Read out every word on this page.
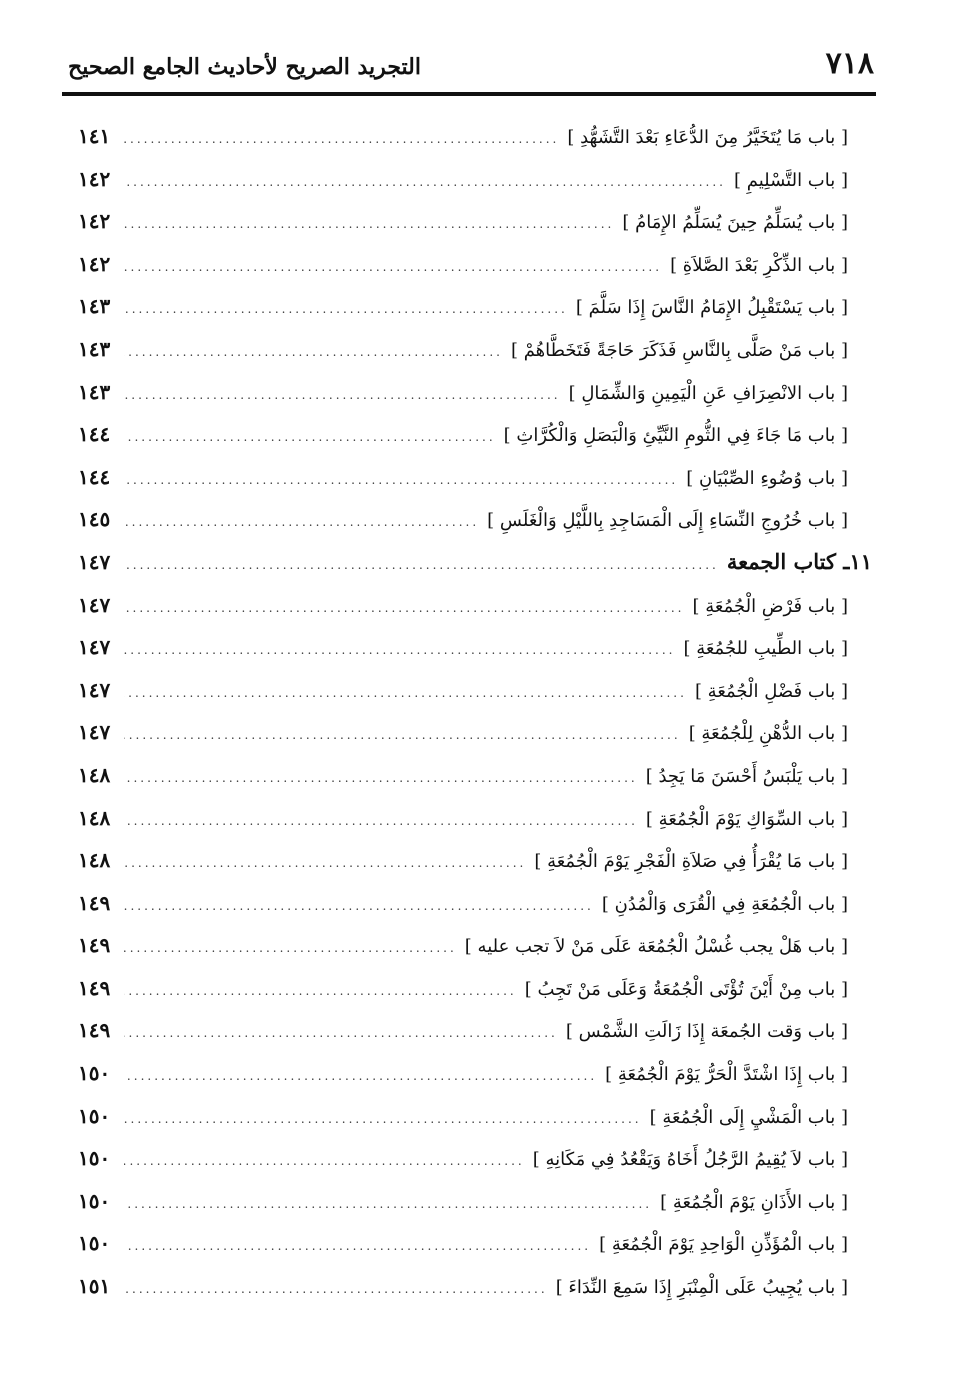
٧١٨
التجريد الصريح لأحاديث الجامع الصحيح
[ باب مَا يُتَخَيَّرُ مِنَ الدُّعَاءِ بَعْدَ التَّشَهُّدِ ]
.....
١٤١
[ باب التَّسْلِيمِ ]
.....
١٤٢
[ باب يُسَلِّمُ حِينَ يُسَلِّمُ الإِمَامُ ]
.....
١٤٢
[ باب الذِّكْرِ بَعْدَ الصَّلاَةِ ]
.....
١٤٢
[ باب يَسْتَقْبِلُ الإِمَامُ النَّاسَ إِذَا سَلَّمَ ]
.....
١٤٣
[ باب مَنْ صَلَّى بِالنَّاسِ فَذَكَرَ حَاجَةً فَتَخَطَّاهُمْ ]
.....
١٤٣
[ باب الانْصِرَافِ عَنِ الْيَمِينِ وَالشِّمَالِ ]
.....
١٤٣
[ باب مَا جَاءَ فِي الثُّومِ النَّيِّئِ وَالْبَصَلِ وَالْكُرَّاثِ ]
.....
١٤٤
[ باب وُضُوءِ الصِّبْيَانِ ]
.....
١٤٤
[ باب خُرُوجِ النِّسَاءِ إِلَى الْمَسَاجِدِ بِاللَّيْلِ وَالْغَلَسِ ]
.....
١٤٥
١١ـ كتاب الجمعة
.....
١٤٧
[ باب فَرْضِ الْجُمُعَةِ ]
.....
١٤٧
[ باب الطِّيبِ للجُمُعَةِ ]
.....
١٤٧
[ باب فَضْلِ الْجُمُعَةِ ]
.....
١٤٧
[ باب الدُّهْنِ لِلْجُمُعَةِ ]
.....
١٤٧
[ باب يَلْبَسُ أَحْسَنَ مَا يَجِدُ ]
.....
١٤٨
[ باب السِّوَاكِ يَوْمَ الْجُمُعَةِ ]
.....
١٤٨
[ باب مَا يُقْرَأُ فِي صَلاَةِ الْفَجْرِ يَوْمَ الْجُمُعَةِ ]
.....
١٤٨
[ باب الْجُمُعَةِ فِي الْقُرَى وَالْمُدُنِ ]
.....
١٤٩
[ باب هَلْ يجب غُسْلُ الْجُمُعَة عَلَى مَنْ لاَ تجب عليه ]
.....
١٤٩
[ باب مِنْ أَيْنَ تُؤْتَى الْجُمُعَةُ وَعَلَى مَنْ تَجِبُ ]
.....
١٤٩
[ باب وَقت الجُمعَة إِذَا زَالَتِ الشَّمْس ]
.....
١٤٩
[ باب إِذَا اشْتَدَّ الْحَرُّ يَوْمَ الْجُمُعَةِ ]
.....
١٥٠
[ باب الْمَشْيِ إِلَى الْجُمُعَةِ ]
.....
١٥٠
[ باب لاَ يُقِيمُ الرَّجُلُ أَخَاهُ وَيَقْعُدُ فِي مَكَانِهِ ]
.....
١٥٠
[ باب الأَذَانِ يَوْمَ الْجُمُعَةِ ]
.....
١٥٠
[ باب الْمُؤَذِّنِ الْوَاحِدِ يَوْمَ الْجُمُعَةِ ]
.....
١٥٠
[ باب يُجِيبُ عَلَى الْمِنْبَرِ إِذَا سَمِعَ النِّدَاءَ ]
.....
١٥١
